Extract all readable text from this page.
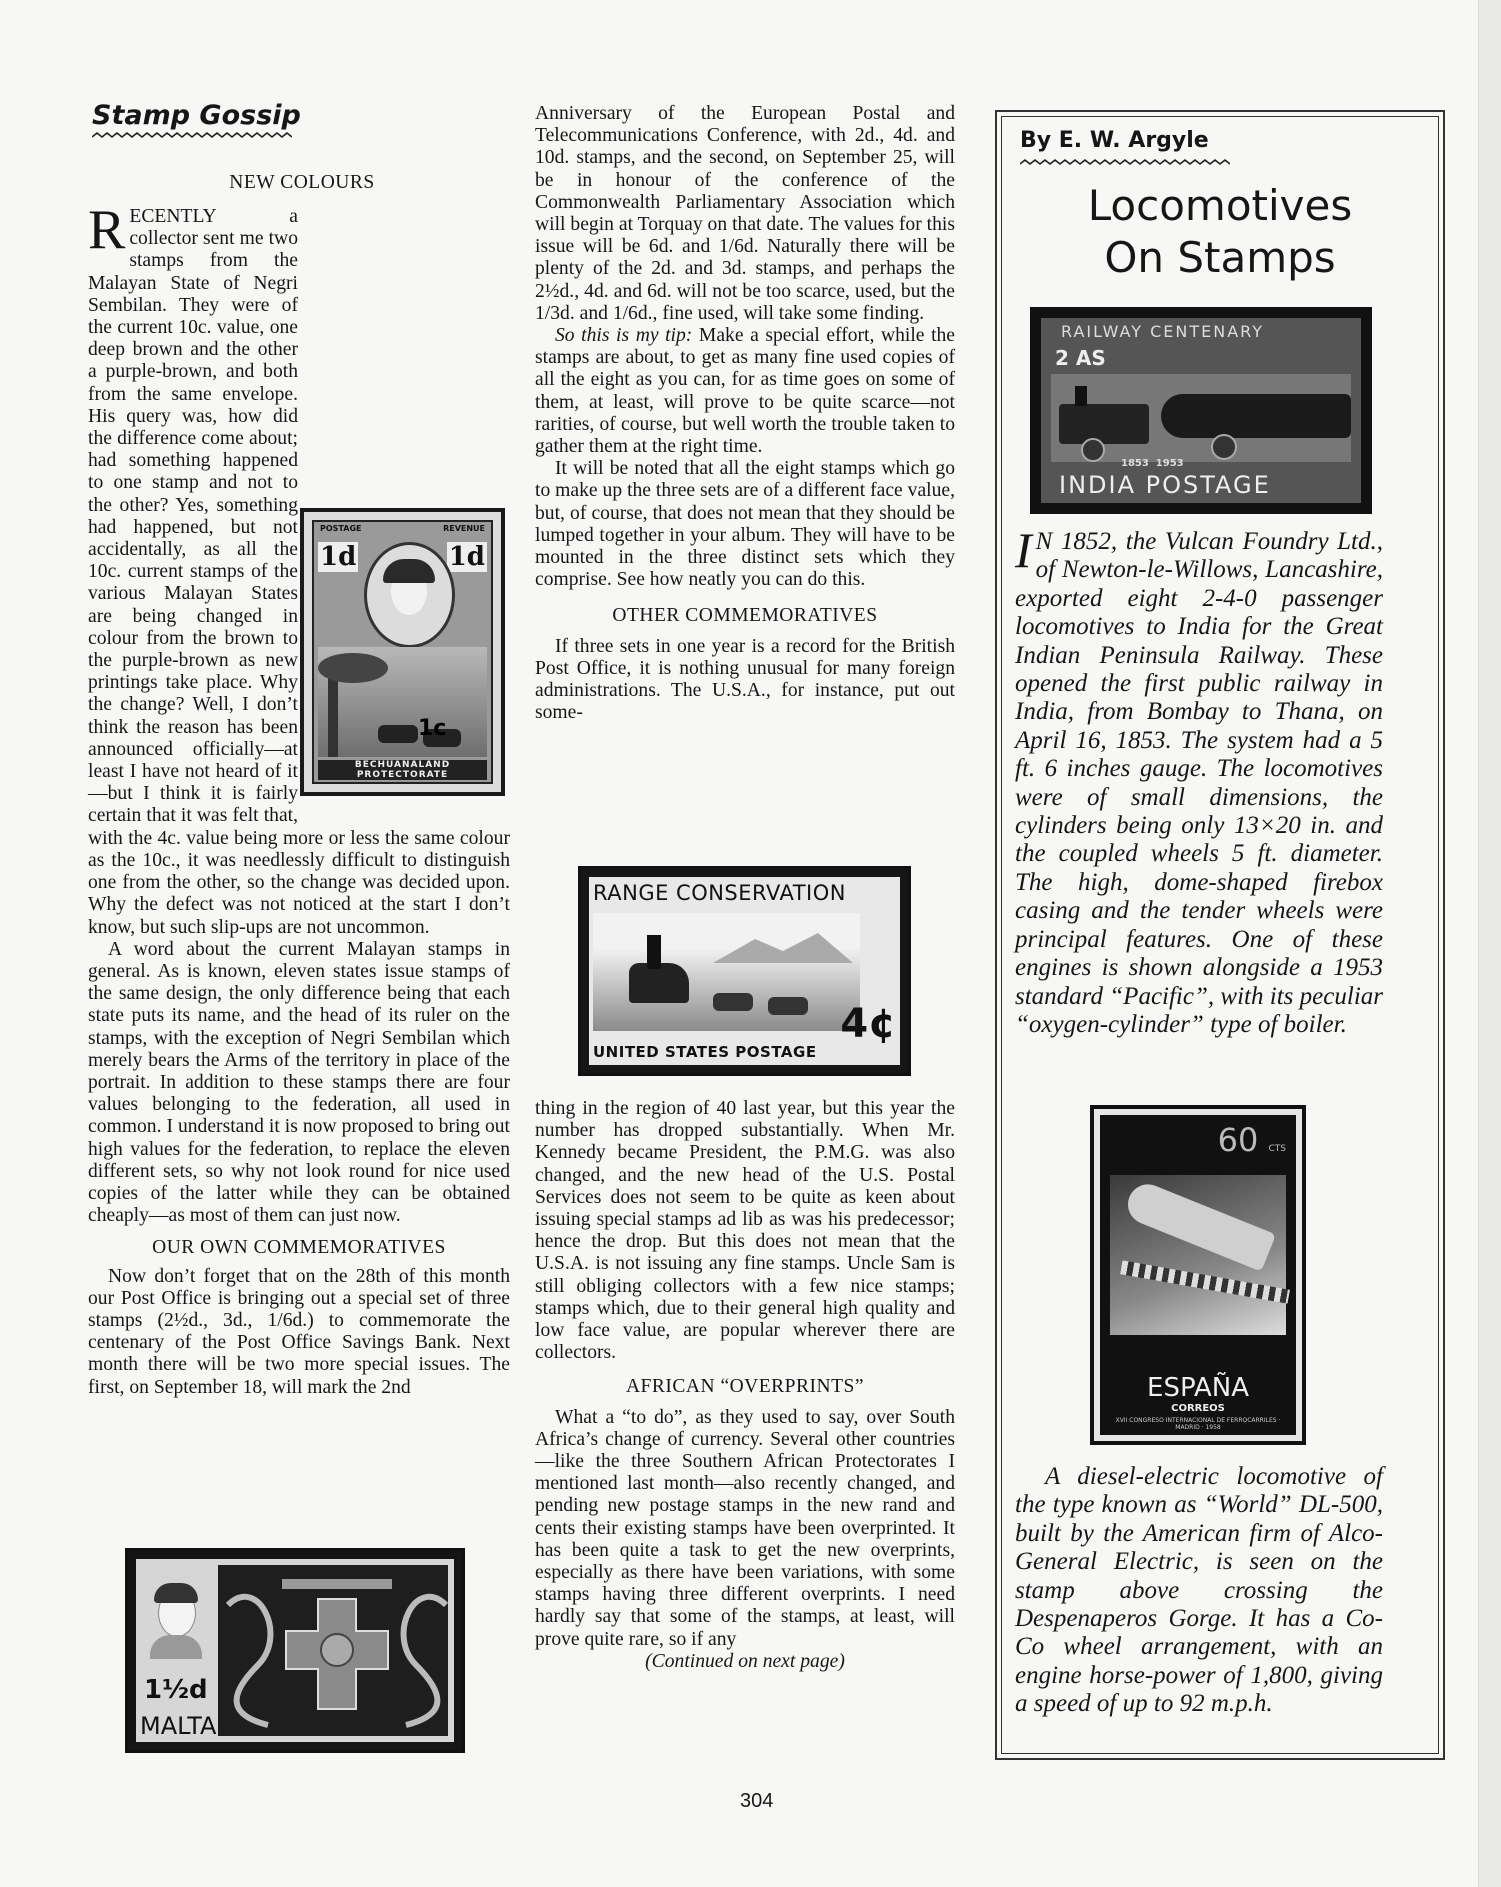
Stamp Gossip
NEW COLOURS

RECENTLY a collector sent me two stamps from the Malayan State of Negri Sembilan. They were of the current 10c. value, one deep brown and the other a purple-brown, and both from the same envelope. His query was, how did the difference come about; had something happened to one stamp and not to the other? Yes, something had happened, but not accidentally, as all the 10c. current stamps of the various Malayan States are being changed in colour from the brown to the purple-brown as new printings take place. Why the change? Well, I don’t think the reason has been announced officially—at least I have not heard of it—but I think it is fairly certain that it was felt that, with the 4c. value being more or less the same colour as the 10c., it was needlessly difficult to distinguish one from the other, so the change was decided upon. Why the defect was not noticed at the start I don’t know, but such slip-ups are not uncommon.

A word about the current Malayan stamps in general. As is known, eleven states issue stamps of the same design, the only difference being that each state puts its name, and the head of its ruler on the stamps, with the exception of Negri Sembilan which merely bears the Arms of the territory in place of the portrait. In addition to these stamps there are four values belonging to the federation, all used in common. I understand it is now proposed to bring out high values for the federation, to replace the eleven different sets, so why not look round for nice used copies of the latter while they can be obtained cheaply—as most of them can just now.

OUR OWN COMMEMORATIVES

Now don’t forget that on the 28th of this month our Post Office is bringing out a special set of three stamps (2½d., 3d., 1/6d.) to commemorate the centenary of the Post Office Savings Bank. Next month there will be two more special issues. The first, on September 18, will mark the 2nd

POSTAGE	REVENUE
1d	1d
1c
BECHUANALAND PROTECTORATE
1½d
MALTA

Anniversary of the European Postal and Telecommunications Conference, with 2d., 4d. and 10d. stamps, and the second, on September 25, will be in honour of the conference of the Commonwealth Parliamentary Association which will begin at Torquay on that date. The values for this issue will be 6d. and 1/6d. Naturally there will be plenty of the 2d. and 3d. stamps, and perhaps the 2½d., 4d. and 6d. will not be too scarce, used, but the 1/3d. and 1/6d., fine used, will take some finding.

So this is my tip: Make a special effort, while the stamps are about, to get as many fine used copies of all the eight as you can, for as time goes on some of them, at least, will prove to be quite scarce—not rarities, of course, but well worth the trouble taken to gather them at the right time.

It will be noted that all the eight stamps which go to make up the three sets are of a different face value, but, of course, that does not mean that they should be lumped together in your album. They will have to be mounted in the three distinct sets which they comprise. See how neatly you can do this.

OTHER COMMEMORATIVES

If three sets in one year is a record for the British Post Office, it is nothing unusual for many foreign administrations. The U.S.A., for instance, put out some-

RANGE CONSERVATION
4¢
UNITED STATES POSTAGE

thing in the region of 40 last year, but this year the number has dropped substantially. When Mr. Kennedy became President, the P.M.G. was also changed, and the new head of the U.S. Postal Services does not seem to be quite as keen about issuing special stamps ad lib as was his predecessor; hence the drop. But this does not mean that the U.S.A. is not issuing any fine stamps. Uncle Sam is still obliging collectors with a few nice stamps; stamps which, due to their general high quality and low face value, are popular wherever there are collectors.

AFRICAN “OVERPRINTS”

What a “to do”, as they used to say, over South Africa’s change of currency. Several other countries—like the three Southern African Protectorates I mentioned last month—also recently changed, and pending new postage stamps in the new rand and cents their existing stamps have been overprinted. It has been quite a task to get the new overprints, especially as there have been variations, with some stamps having three different overprints. I need hardly say that some of the stamps, at least, will prove quite rare, so if any

(Continued on next page)
By E. W. Argyle
Locomotives
On Stamps
RAILWAY CENTENARY
2 AS
1853  1953
INDIA POSTAGE

I N 1852, the Vulcan Foundry Ltd., of Newton-le-Willows, Lancashire, exported eight 2-4-0 passenger locomotives to India for the Great Indian Peninsula Railway. These opened the first public railway in India, from Bombay to Thana, on April 16, 1853. The system had a 5 ft. 6 inches gauge. The locomotives were of small dimensions, the cylinders being only 13×20 in. and the coupled wheels 5 ft. diameter. The high, dome-shaped firebox casing and the tender wheels were principal features. One of these engines is shown alongside a 1953 standard “Pacific”, with its peculiar “oxygen-cylinder” type of boiler.

60 CTS
ESPAÑA
CORREOS
XVII CONGRESO INTERNACIONAL DE FERROCARRILES · MADRID · 1958

A diesel-electric locomotive of the type known as “World” DL-500, built by the American firm of Alco-General Electric, is seen on the stamp above crossing the Despenaperos Gorge. It has a Co-Co wheel arrangement, with an engine horse-power of 1,800, giving a speed of up to 92 m.p.h.

304
